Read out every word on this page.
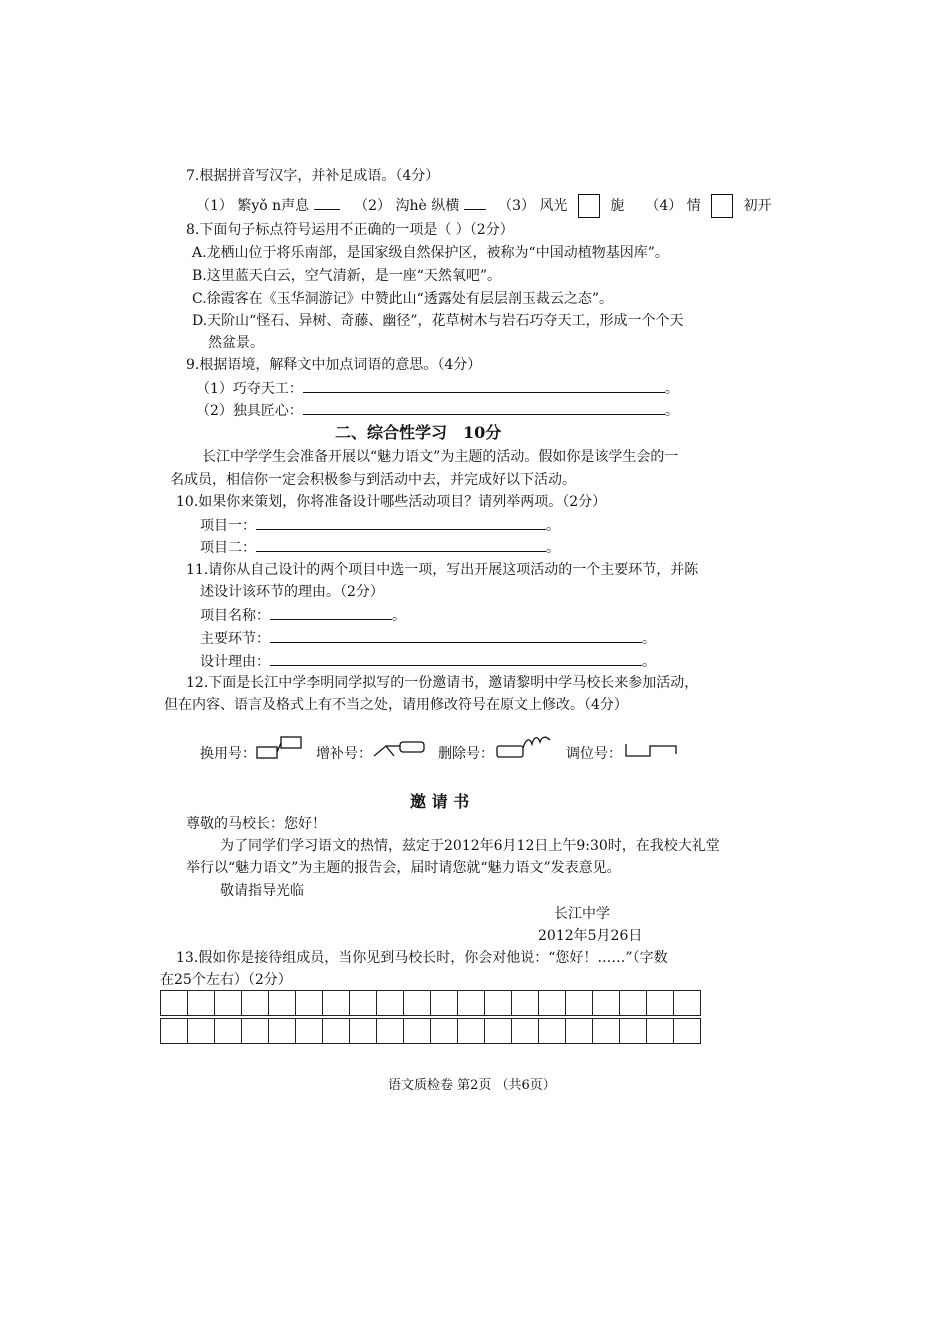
7.根据拼音写汉字，并补足成语。（4分）
（1） 繁yǒ n声息	（2） 沟hè 纵横	（3） 风光	旎 （4） 情	初开
8.下面句子标点符号运用不正确的一项是（ ）（2分）
A.龙栖山位于将乐南部，是国家级自然保护区，被称为“中国动植物基因库”。
B.这里蓝天白云，空气清新，是一座“天然氧吧”。
C.徐霞客在《玉华洞游记》中赞此山“透露处有层层剖玉裁云之态”。
D.天阶山“怪石、异树、奇藤、幽径”，花草树木与岩石巧夺天工，形成一个个天
然盆景。
9.根据语境，解释文中加点词语的意思。（4分）
（1）巧夺天工：	。
（2）独具匠心：	。
二、综合性学习　10分
长江中学学生会准备开展以“魅力语文”为主题的活动。假如你是该学生会的一
名成员，相信你一定会积极参与到活动中去，并完成好以下活动。
10.如果你来策划，你将准备设计哪些活动项目？请列举两项。（2分）
项目一：	。
项目二：	。
11.请你从自己设计的两个项目中选一项，写出开展这项活动的一个主要环节，并陈
述设计该环节的理由。（2分）
项目名称：	。
主要环节：	。
设计理由：	。
12.下面是长江中学李明同学拟写的一份邀请书，邀请黎明中学马校长来参加活动，
但在内容、语言及格式上有不当之处，请用修改符号在原文上修改。（4分）
换用号：	增补号：	删除号：	调位号：
邀 请 书
尊敬的马校长：您好！
为了同学们学习语文的热情，兹定于2012年6月12日上午9:30时，在我校大礼堂
举行以“魅力语文”为主题的报告会，届时请您就“魅力语文”发表意见。
敬请指导光临
长江中学
2012年5月26日
13.假如你是接待组成员，当你见到马校长时，你会对他说：“您好！……”（字数
在25个左右）（2分）

语文质检卷 第2页 （共6页）
